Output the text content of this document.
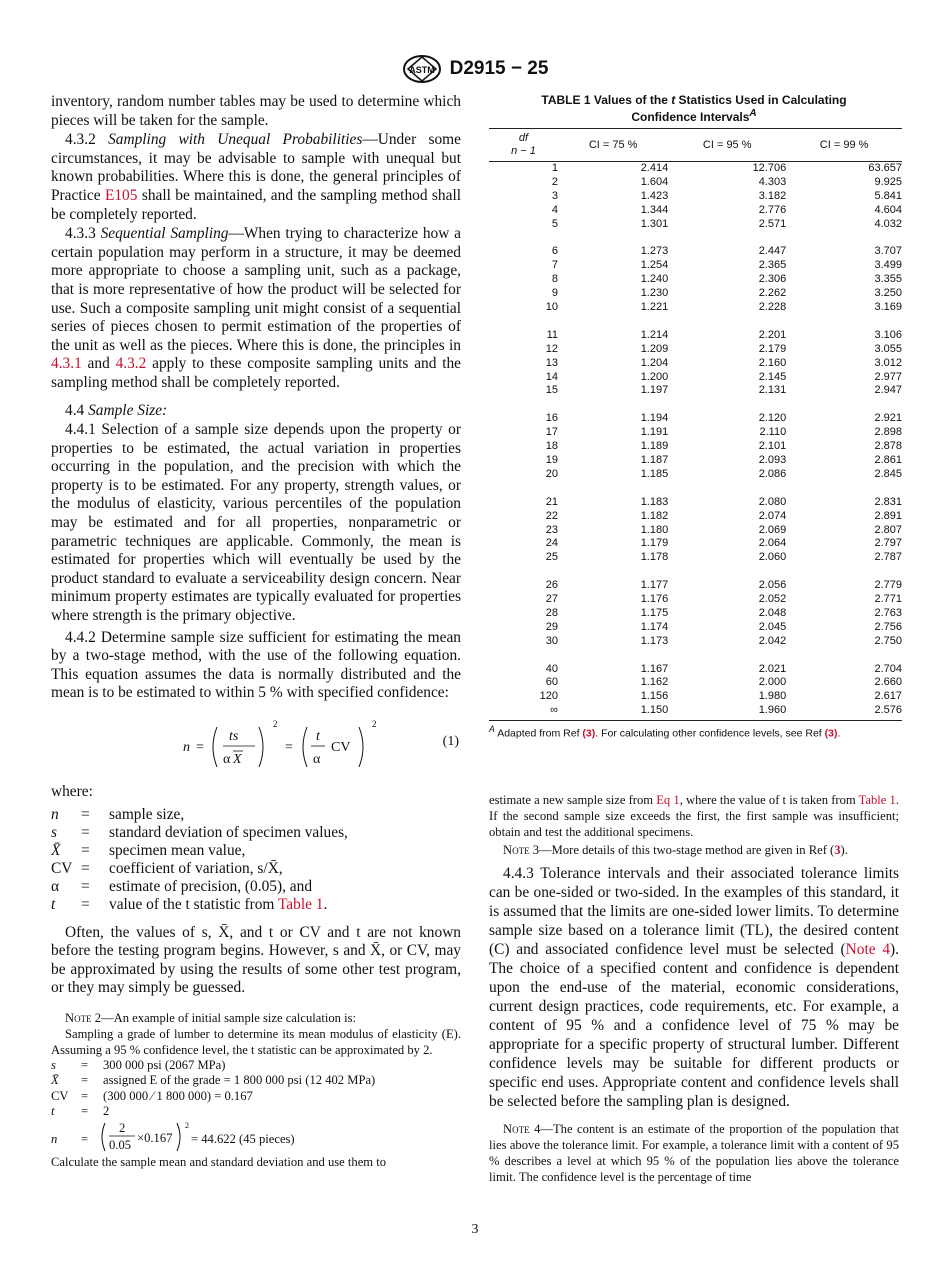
ASTM D2915 − 25

inventory, random number tables may be used to determine which pieces will be taken for the sample.

4.3.2 Sampling with Unequal Probabilities—Under some circumstances, it may be advisable to sample with unequal but known probabilities. Where this is done, the general principles of Practice E105 shall be maintained, and the sampling method shall be completely reported.

4.3.3 Sequential Sampling—When trying to characterize how a certain population may perform in a structure, it may be deemed more appropriate to choose a sampling unit, such as a package, that is more representative of how the product will be selected for use. Such a composite sampling unit might consist of a sequential series of pieces chosen to permit estimation of the properties of the unit as well as the pieces. Where this is done, the principles in 4.3.1 and 4.3.2 apply to these composite sampling units and the sampling method shall be completely reported.

4.4 Sample Size:

4.4.1 Selection of a sample size depends upon the property or properties to be estimated, the actual variation in properties occurring in the population, and the precision with which the property is to be estimated. For any property, strength values, or the modulus of elasticity, various percentiles of the population may be estimated and for all properties, nonparametric or parametric techniques are applicable. Commonly, the mean is estimated for properties which will eventually be used by the product standard to evaluate a serviceability design concern. Near minimum property estimates are typically evaluated for properties where strength is the primary objective.

4.4.2 Determine sample size sufficient for estimating the mean by a two-stage method, with the use of the following equation. This equation assumes the data is normally distributed and the mean is to be estimated to within 5 % with specified confidence:

n =
ts
α X
2
=
t
α
CV
2
(1)

where:

n	=	sample size,
s	=	standard deviation of specimen values,
X̄	=	specimen mean value,
CV =	coefficient of variation, s/X̄,
α	=	estimate of precision, (0.05), and
t	=	value of the t statistic from Table 1.

Often, the values of s, X̄, and t or CV and t are not known before the testing program begins. However, s and X̄, or CV, may be approximated by using the results of some other test program, or they may simply be guessed.

Note 2—An example of initial sample size calculation is:

Sampling a grade of lumber to determine its mean modulus of elasticity (E). Assuming a 95 % confidence level, the t statistic can be approximated by 2.

s	=	300 000 psi (2067 MPa)
X̄	=	assigned E of the grade = 1 800 000 psi (12 402 MPa)
CV =	(300 000 ⁄ 1 800 000) = 0.167
t	=	2
n =
2
0.05 ×0.167
2
= 44.622 (45 pieces)

Calculate the sample mean and standard deviation and use them to

TABLE 1 Values of the t Statistics Used in Calculating
Confidence Intervals$^A$
df
n − 1	CI = 75 %	CI = 95 %	CI = 99 %
1	2.414	12.706	63.657
2	1.604	4.303	9.925
3	1.423	3.182	5.841
4	1.344	2.776	4.604
5	1.301	2.571	4.032

6	1.273	2.447	3.707
7	1.254	2.365	3.499
8	1.240	2.306	3.355
9	1.230	2.262	3.250
10	1.221	2.228	3.169

11	1.214	2.201	3.106
12	1.209	2.179	3.055
13	1.204	2.160	3.012
14	1.200	2.145	2.977
15	1.197	2.131	2.947

16	1.194	2.120	2.921
17	1.191	2.110	2.898
18	1.189	2.101	2.878
19	1.187	2.093	2.861
20	1.185	2.086	2.845

21	1.183	2.080	2.831
22	1.182	2.074	2.891
23	1.180	2.069	2.807
24	1.179	2.064	2.797
25	1.178	2.060	2.787

26	1.177	2.056	2.779
27	1.176	2.052	2.771
28	1.175	2.048	2.763
29	1.174	2.045	2.756
30	1.173	2.042	2.750

40	1.167	2.021	2.704
60	1.162	2.000	2.660
120	1.156	1.980	2.617
∞	1.150	1.960	2.576
$^A$ Adapted from Ref (3). For calculating other confidence levels, see Ref (3).

estimate a new sample size from Eq 1, where the value of t is taken from Table 1. If the second sample size exceeds the first, the first sample was insufficient; obtain and test the additional specimens.

Note 3—More details of this two-stage method are given in Ref (3).

4.4.3 Tolerance intervals and their associated tolerance limits can be one-sided or two-sided. In the examples of this standard, it is assumed that the limits are one-sided lower limits. To determine sample size based on a tolerance limit (TL), the desired content (C) and associated confidence level must be selected (Note 4). The choice of a specified content and confidence is dependent upon the end-use of the material, economic considerations, current design practices, code requirements, etc. For example, a content of 95 % and a confidence level of 75 % may be appropriate for a specific property of structural lumber. Different confidence levels may be suitable for different products or specific end uses. Appropriate content and confidence levels shall be selected before the sampling plan is designed.

Note 4—The content is an estimate of the proportion of the population that lies above the tolerance limit. For example, a tolerance limit with a content of 95 % describes a level at which 95 % of the population lies above the tolerance limit. The confidence level is the percentage of time

3
